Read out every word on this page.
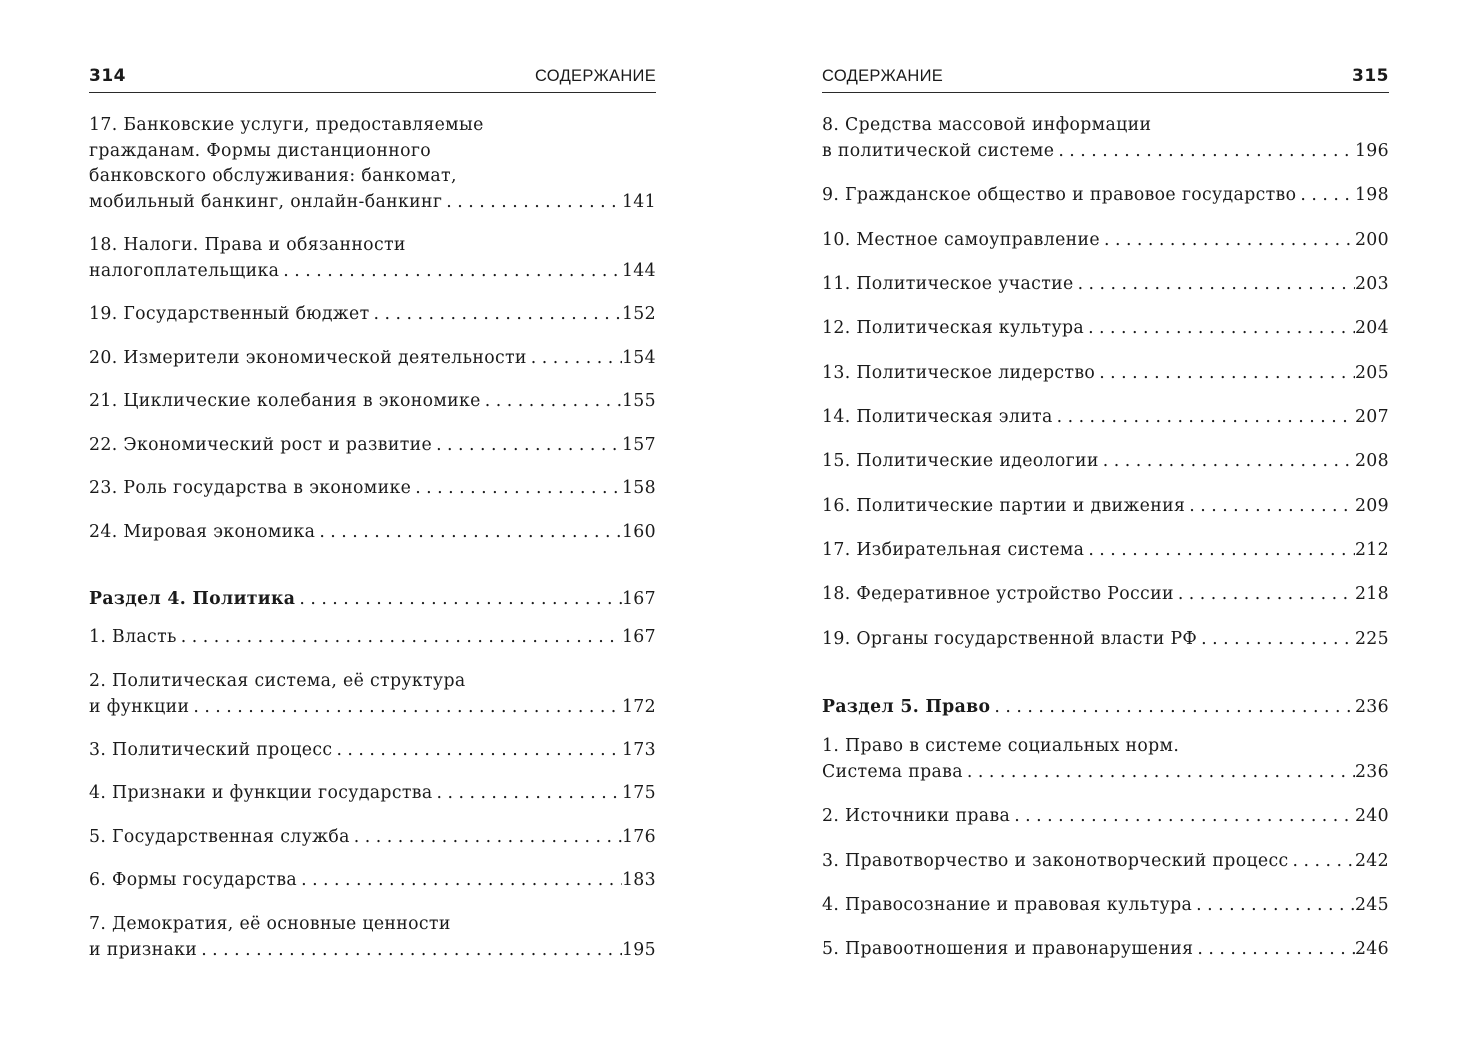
314	СОДЕРЖАНИЕ
17. Банковские услуги, предоставляемые
гражданам. Формы дистанционного
банковского обслуживания: банкомат,
мобильный банкинг, онлайн-банкинг . . .	141
18. Налоги. Права и обязанности
налогоплательщика . . .	144
19. Государственный бюджет . . .	152
20. Измерители экономической деятельности . . .	154
21. Циклические колебания в экономике . . .	155
22. Экономический рост и развитие . . .	157
23. Роль государства в экономике . . .	158
24. Мировая экономика . . .	160
Раздел 4. Политика . . .	167
1. Власть . . .	167
2. Политическая система, её структура
и функции . . .	172
3. Политический процесс . . .	173
4. Признаки и функции государства . . .	175
5. Государственная служба . . .	176
6. Формы государства . . .	183
7. Демократия, её основные ценности
и признаки . . .	195
СОДЕРЖАНИЕ	315
8. Средства массовой информации
в политической системе . . .	196
9. Гражданское общество и правовое государство . . .	198
10. Местное самоуправление . . .	200
11. Политическое участие . . .	203
12. Политическая культура . . .	204
13. Политическое лидерство . . .	205
14. Политическая элита . . .	207
15. Политические идеологии . . .	208
16. Политические партии и движения . . .	209
17. Избирательная система . . .	212
18. Федеративное устройство России . . .	218
19. Органы государственной власти РФ . . .	225
Раздел 5. Право . . .	236
1. Право в системе социальных норм.
Система права . . .	236
2. Источники права . . .	240
3. Правотворчество и законотворческий процесс . . .	242
4. Правосознание и правовая культура . . .	245
5. Правоотношения и правонарушения . . .	246
